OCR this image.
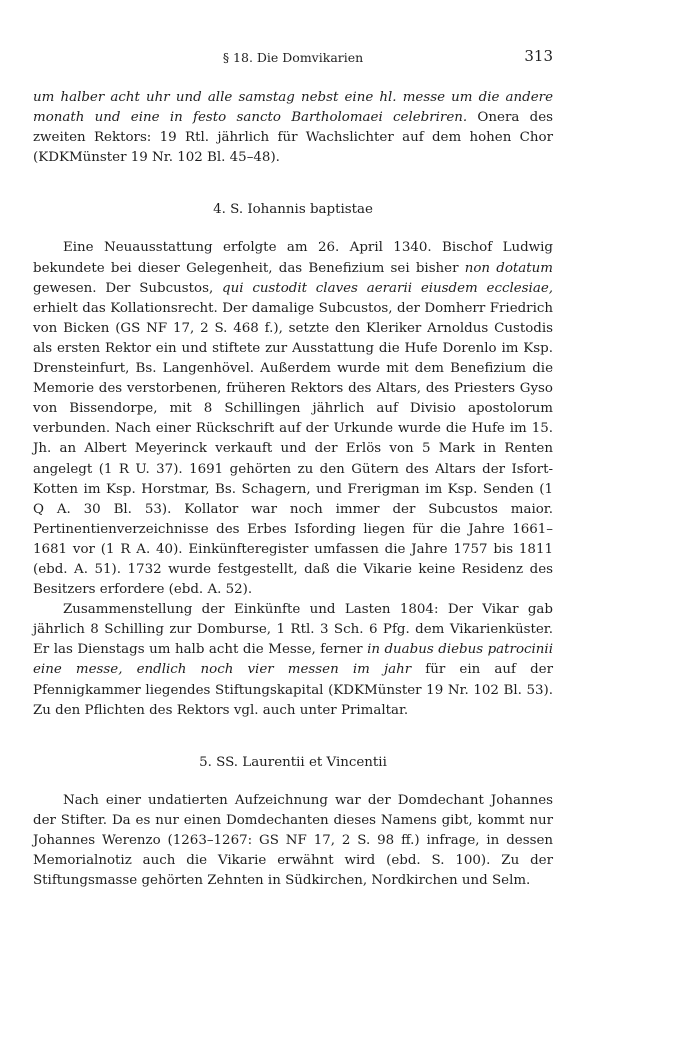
§ 18. Die Domvikarien	313

um halber acht uhr und alle samstag nebst eine hl. messe um die andere monath und eine in festo sancto Bartholomaei celebriren. Onera des zweiten Rektors: 19 Rtl. jährlich für Wachslichter auf dem hohen Chor (KDKMünster 19 Nr. 102 Bl. 45–48).

4. S. Iohannis baptistae

Eine Neuausstattung erfolgte am 26. April 1340. Bischof Ludwig bekundete bei dieser Gelegenheit, das Benefizium sei bisher non dotatum gewesen. Der Subcustos, qui custodit claves aerarii eiusdem ecclesiae, erhielt das Kollationsrecht. Der damalige Subcustos, der Domherr Friedrich von Bicken (GS NF 17, 2 S. 468 f.), setzte den Kleriker Arnoldus Custodis als ersten Rektor ein und stiftete zur Ausstattung die Hufe Dorenlo im Ksp. Drensteinfurt, Bs. Langenhövel. Außerdem wurde mit dem Benefizium die Memorie des verstorbenen, früheren Rektors des Altars, des Priesters Gyso von Bissendorpe, mit 8 Schillingen jährlich auf Divisio apostolorum verbunden. Nach einer Rückschrift auf der Urkunde wurde die Hufe im 15. Jh. an Albert Meyerinck verkauft und der Erlös von 5 Mark in Renten angelegt (1 R U. 37). 1691 gehörten zu den Gütern des Altars der Isfort-Kotten im Ksp. Horstmar, Bs. Schagern, und Frerigman im Ksp. Senden (1 Q A. 30 Bl. 53). Kollator war noch immer der Subcustos maior. Pertinentienverzeichnisse des Erbes Isfording liegen für die Jahre 1661–1681 vor (1 R A. 40). Einkünfteregister umfassen die Jahre 1757 bis 1811 (ebd. A. 51). 1732 wurde festgestellt, daß die Vikarie keine Residenz des Besitzers erfordere (ebd. A. 52).

Zusammenstellung der Einkünfte und Lasten 1804: Der Vikar gab jährlich 8 Schilling zur Domburse, 1 Rtl. 3 Sch. 6 Pfg. dem Vikarienküster. Er las Dienstags um halb acht die Messe, ferner in duabus diebus patrocinii eine messe, endlich noch vier messen im jahr für ein auf der Pfennigkammer liegendes Stiftungskapital (KDKMünster 19 Nr. 102 Bl. 53). Zu den Pflichten des Rektors vgl. auch unter Primaltar.

5. SS. Laurentii et Vincentii

Nach einer undatierten Aufzeichnung war der Domdechant Johannes der Stifter. Da es nur einen Domdechanten dieses Namens gibt, kommt nur Johannes Werenzo (1263–1267: GS NF 17, 2 S. 98 ff.) infrage, in dessen Memorialnotiz auch die Vikarie erwähnt wird (ebd. S. 100). Zu der Stiftungsmasse gehörten Zehnten in Südkirchen, Nordkirchen und Selm.
